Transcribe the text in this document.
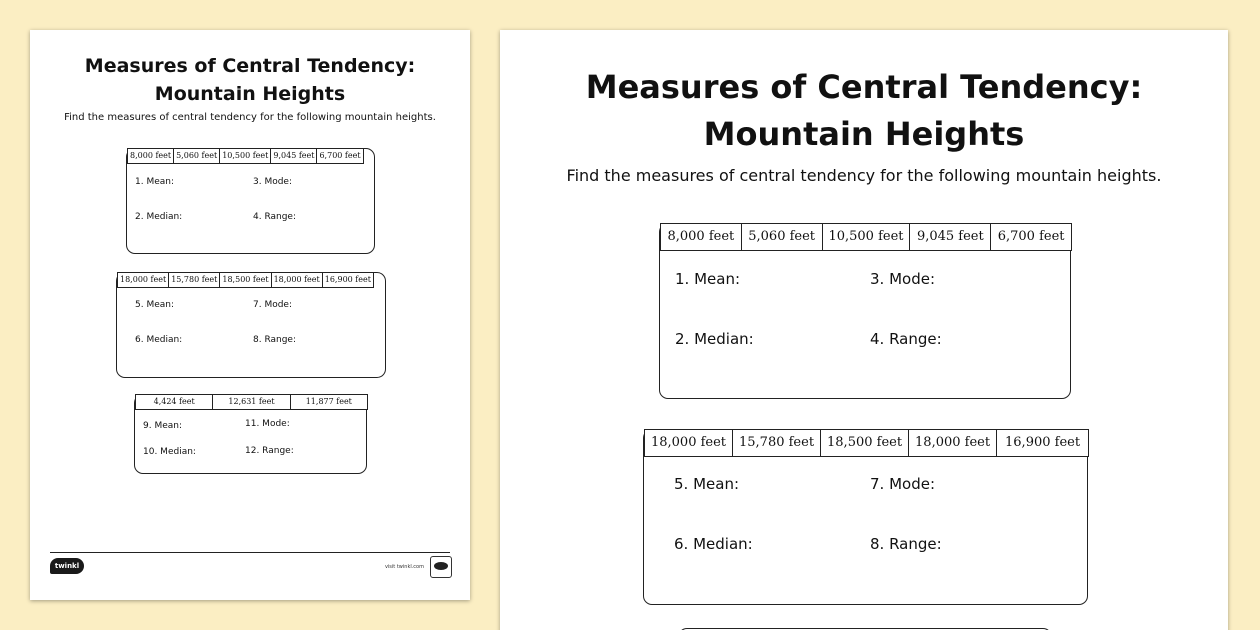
Measures of Central Tendency:
Mountain Heights
Find the measures of central tendency for the following mountain heights.
8,000 feet 5,060 feet 10,500 feet 9,045 feet 6,700 feet
1. Mean:	3. Mode:
2. Median:	4. Range:
18,000 feet 15,780 feet 18,500 feet 18,000 feet 16,900 feet
5. Mean:	7. Mode:
6. Median:	8. Range:
4,424 feet	12,631 feet	11,877 feet
9. Mean:	11. Mode:
10. Median:	12. Range:
twinkl	visit twinkl.com
Measures of Central Tendency:
Mountain Heights
Find the measures of central tendency for the following mountain heights.
8,000 feet	5,060 feet	10,500 feet	9,045 feet	6,700 feet
1. Mean:	3. Mode:
2. Median:	4. Range:
18,000 feet 15,780 feet 18,500 feet 18,000 feet	16,900 feet
5. Mean:	7. Mode:
6. Median:	8. Range:
